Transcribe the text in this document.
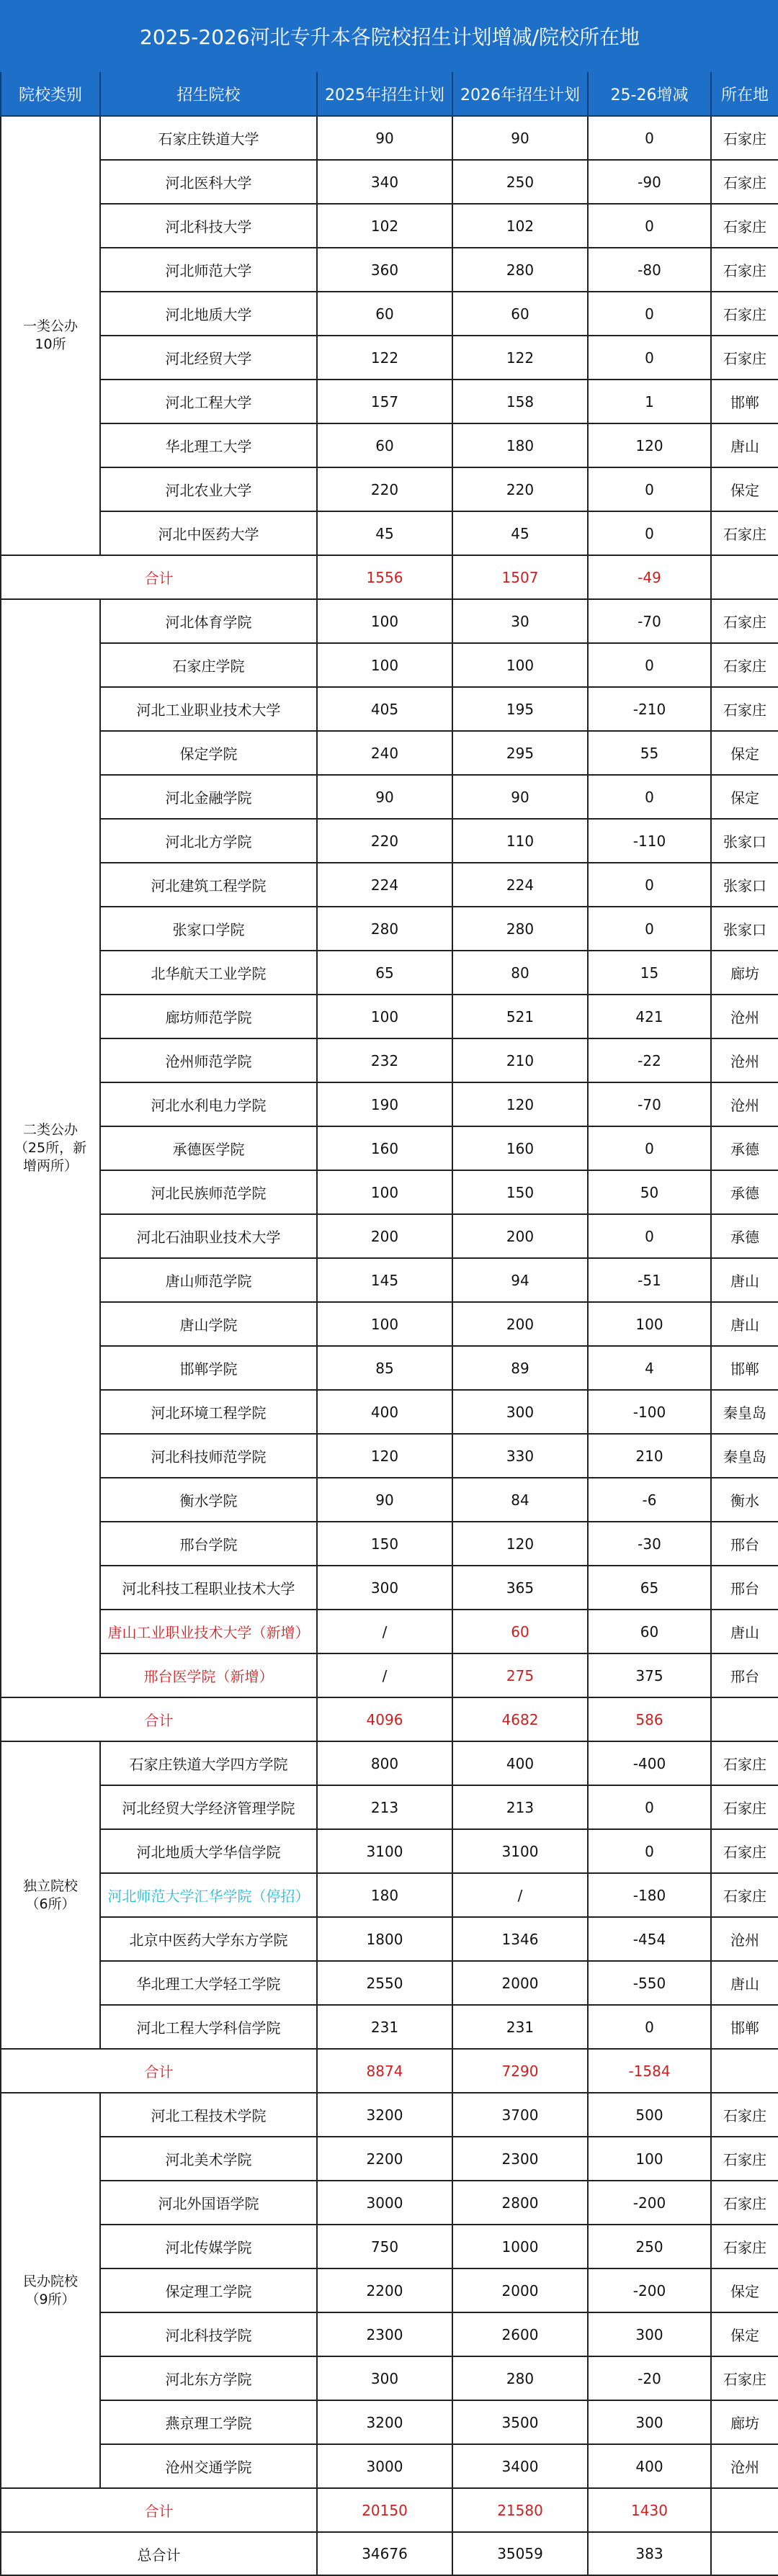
2025-2026河北专升本各院校招生计划增减/院校所在地					
院校类别	招生院校	2025年招生计划	2026年招生计划	25-26增减	所在地
一类公办
10所	石家庄铁道大学	90	90	0	石家庄
	河北医科大学	340	250	-90	石家庄
	河北科技大学	102	102	0	石家庄
	河北师范大学	360	280	-80	石家庄
	河北地质大学	60	60	0	石家庄
	河北经贸大学	122	122	0	石家庄
	河北工程大学	157	158	1	邯郸
	华北理工大学	60	180	120	唐山
	河北农业大学	220	220	0	保定
	河北中医药大学	45	45	0	石家庄
合计		1556	1507	-49	
二类公办
（25所，新
增两所）	河北体育学院	100	30	-70	石家庄
	石家庄学院	100	100	0	石家庄
	河北工业职业技术大学	405	195	-210	石家庄
	保定学院	240	295	55	保定
	河北金融学院	90	90	0	保定
	河北北方学院	220	110	-110	张家口
	河北建筑工程学院	224	224	0	张家口
	张家口学院	280	280	0	张家口
	北华航天工业学院	65	80	15	廊坊
	廊坊师范学院	100	521	421	沧州
	沧州师范学院	232	210	-22	沧州
	河北水利电力学院	190	120	-70	沧州
	承德医学院	160	160	0	承德
	河北民族师范学院	100	150	50	承德
	河北石油职业技术大学	200	200	0	承德
	唐山师范学院	145	94	-51	唐山
	唐山学院	100	200	100	唐山
	邯郸学院	85	89	4	邯郸
	河北环境工程学院	400	300	-100	秦皇岛
	河北科技师范学院	120	330	210	秦皇岛
	衡水学院	90	84	-6	衡水
	邢台学院	150	120	-30	邢台
	河北科技工程职业技术大学	300	365	65	邢台
	唐山工业职业技术大学（新增）	/	60	60	唐山
	邢台医学院（新增）	/	275	375	邢台
合计		4096	4682	586	
独立院校
（6所）	石家庄铁道大学四方学院	800	400	-400	石家庄
	河北经贸大学经济管理学院	213	213	0	石家庄
	河北地质大学华信学院	3100	3100	0	石家庄
	河北师范大学汇华学院（停招）	180	/	-180	石家庄
	北京中医药大学东方学院	1800	1346	-454	沧州
	华北理工大学轻工学院	2550	2000	-550	唐山
	河北工程大学科信学院	231	231	0	邯郸
合计		8874	7290	-1584	
民办院校
（9所）	河北工程技术学院	3200	3700	500	石家庄
	河北美术学院	2200	2300	100	石家庄
	河北外国语学院	3000	2800	-200	石家庄
	河北传媒学院	750	1000	250	石家庄
	保定理工学院	2200	2000	-200	保定
	河北科技学院	2300	2600	300	保定
	河北东方学院	300	280	-20	石家庄
	燕京理工学院	3200	3500	300	廊坊
	沧州交通学院	3000	3400	400	沧州
合计		20150	21580	1430	
总合计		34676	35059	383	
